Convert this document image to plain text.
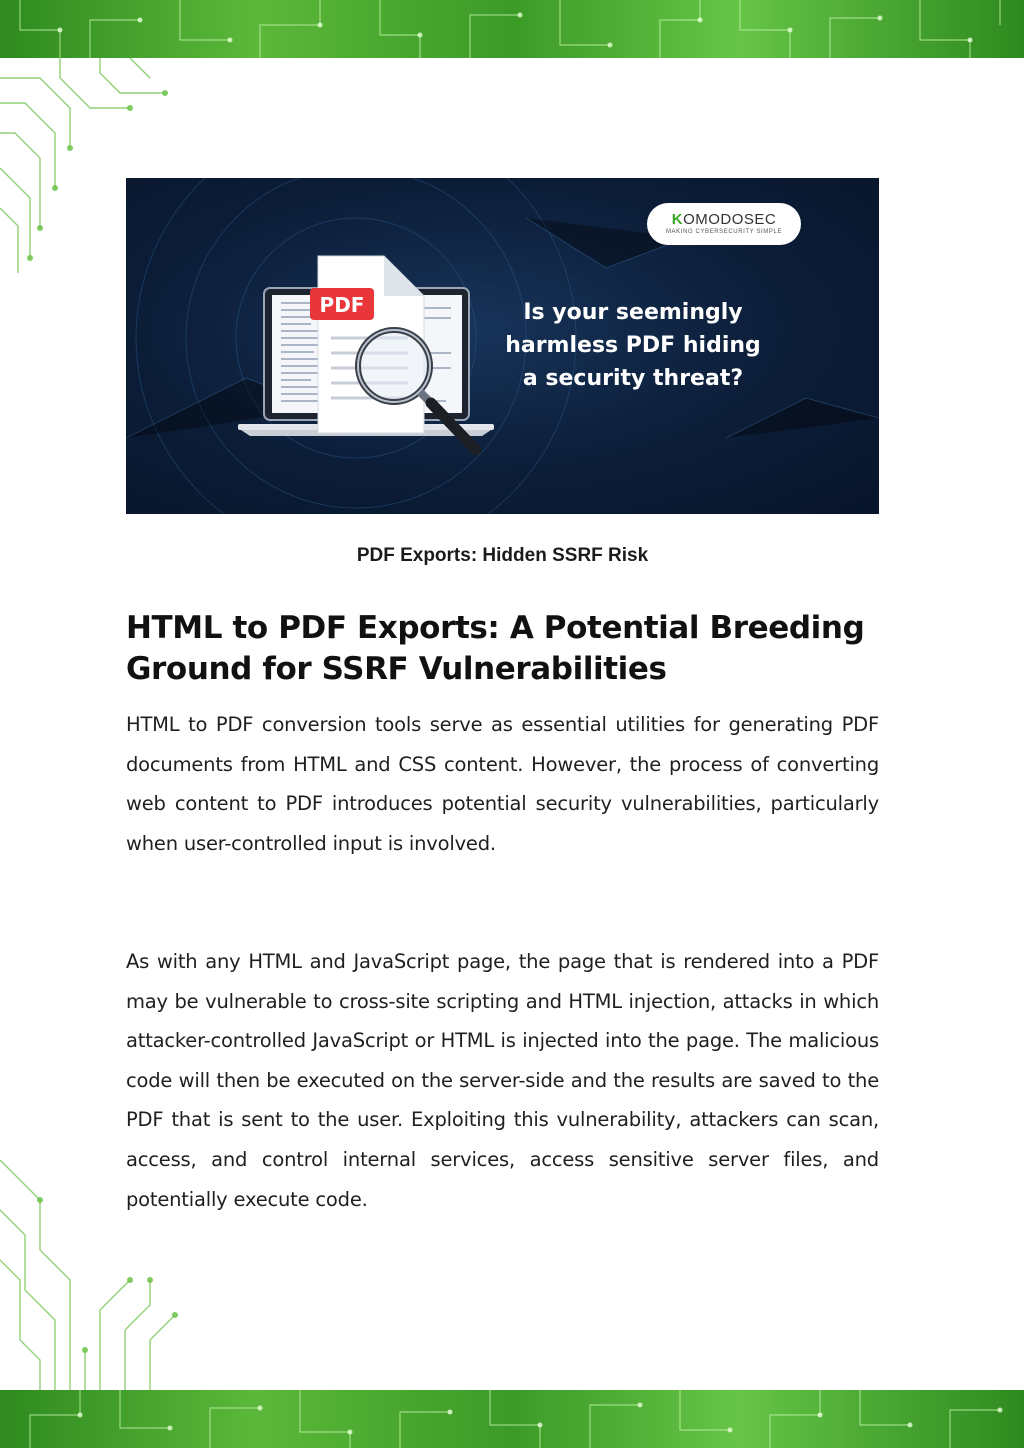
PDF
KOMODOSEC
MAKING CYBERSECURITY SIMPLE
Is your seemingly
harmless PDF hiding
a security threat?
PDF Exports: Hidden SSRF Risk
HTML to PDF Exports: A Potential Breeding Ground for SSRF Vulnerabilities

HTML to PDF conversion tools serve as essential utilities for generating PDF documents from HTML and CSS content. However, the process of converting web content to PDF introduces potential security vulnerabilities, particularly when user-controlled input is involved.

As with any HTML and JavaScript page, the page that is rendered into a PDF may be vulnerable to cross-site scripting and HTML injection, attacks in which attacker-controlled JavaScript or HTML is injected into the page. The malicious code will then be executed on the server-side and the results are saved to the PDF that is sent to the user. Exploiting this vulnerability, attackers can scan, access, and control internal services, access sensitive server files, and potentially execute code.
